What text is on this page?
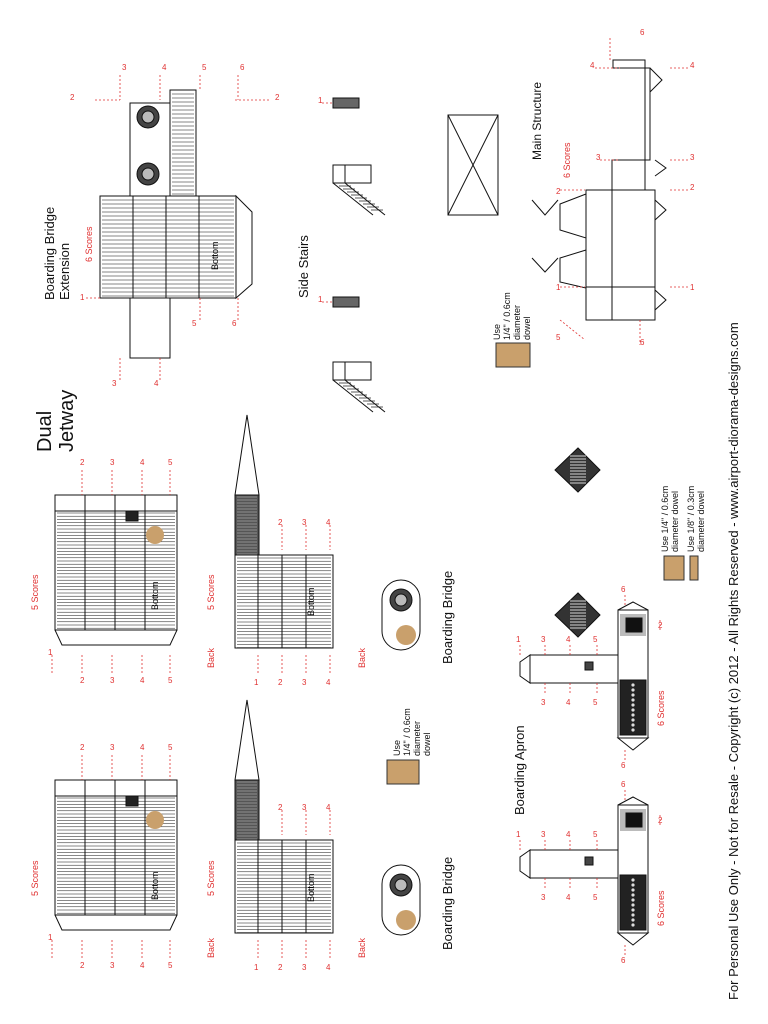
3	4	5	6
2	2
3	4
5	6
1
6
4	4
3	3
2	2
1	1
5
6
1
1
2	3	4	5
1
2	3	4	5	1 2 3 4
2 3 4
2	3	4	5
1
2	3	4	5	1 2 3 4
2 3 4
1	3	4	5
3	4	5
6
2
6
1	3	4	5
3	4	5
6
2
6
Dual Jetway
Boarding Bridge Extension 6 Scores	Bottom	Side Stairs
Main Structure
6 Scores
Use 1/4" / 0.6cm diameter dowel
Use 1/4" / 0.6cm diameter dowel
Use 1/4" / 0.6cm diameter dowel Use 1/8" / 0.3cm diameter dowel
5 Scores	Bottom	5 Scores	Bottom
Back	Back	Boarding Bridge
5 Scores	Bottom	5 Scores	Bottom
Back	Back	Boarding Bridge
Boarding Apron
6 Scores
6 Scores	For Personal Use Only - Not for Resale - Copyright (c) 2012 - All Rights Reserved - www.airport-diorama-designs.com
